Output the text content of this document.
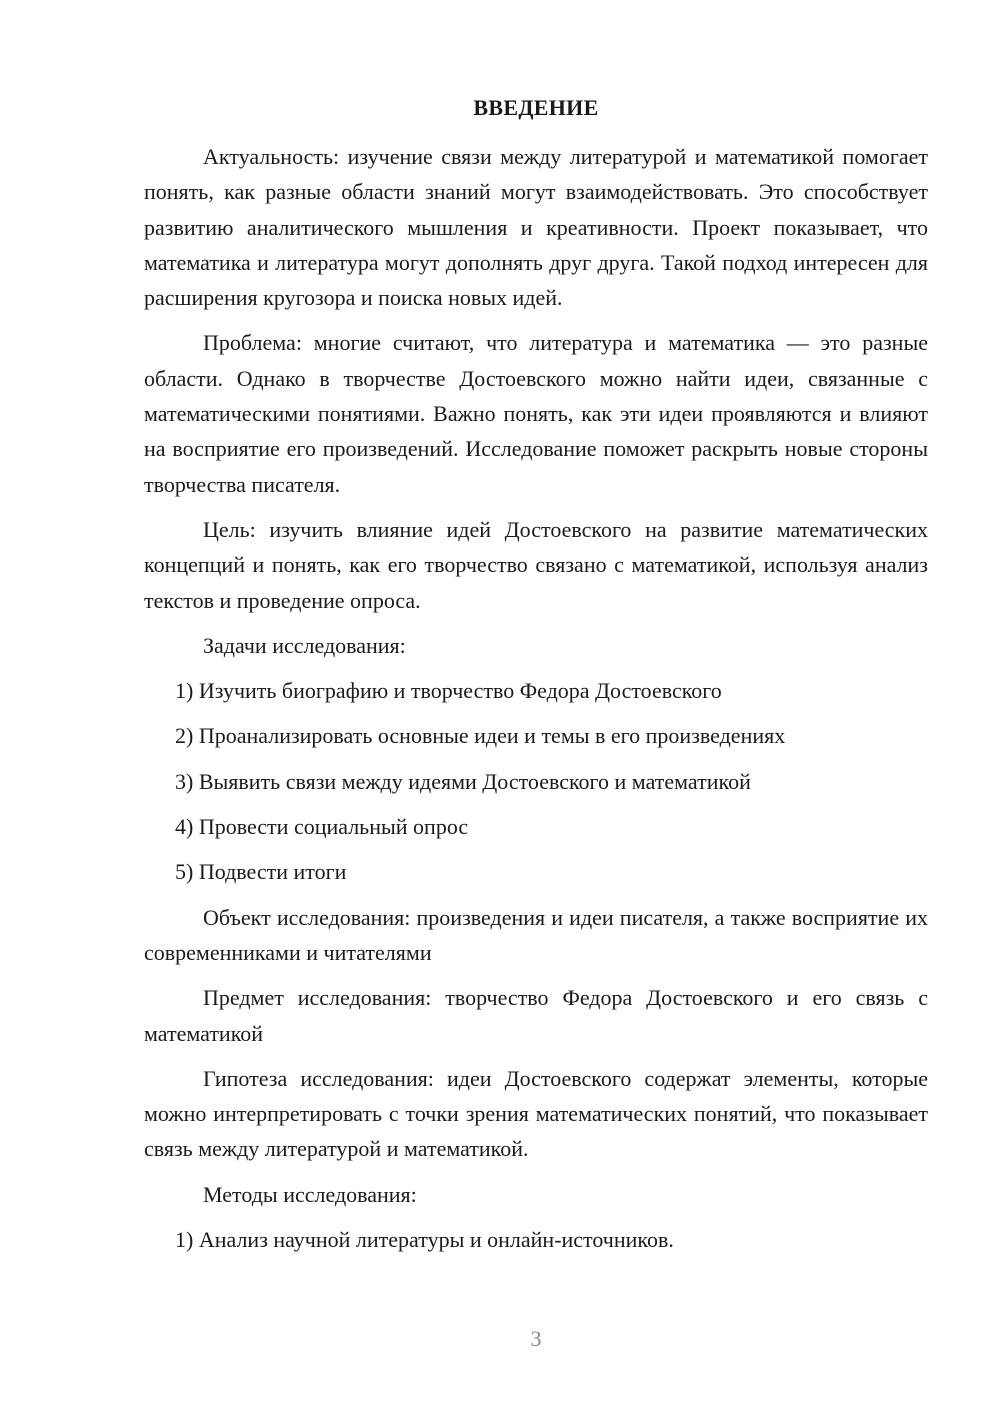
ВВЕДЕНИЕ

Актуальность: изучение связи между литературой и математикой помогает понять, как разные области знаний могут взаимодействовать. Это способствует развитию аналитического мышления и креативности. Проект показывает, что математика и литература могут дополнять друг друга. Такой подход интересен для расширения кругозора и поиска новых идей.

Проблема: многие считают, что литература и математика — это разные области. Однако в творчестве Достоевского можно найти идеи, связанные с математическими понятиями. Важно понять, как эти идеи проявляются и влияют на восприятие его произведений. Исследование поможет раскрыть новые стороны творчества писателя.

Цель: изучить влияние идей Достоевского на развитие математических концепций и понять, как его творчество связано с математикой, используя анализ текстов и проведение опроса.

Задачи исследования:

1) Изучить биографию и творчество Федора Достоевского
2) Проанализировать основные идеи и темы в его произведениях
3) Выявить связи между идеями Достоевского и математикой
4) Провести социальный опрос
5) Подвести итоги

Объект исследования: произведения и идеи писателя, а также восприятие их современниками и читателями

Предмет исследования: творчество Федора Достоевского и его связь с математикой

Гипотеза исследования: идеи Достоевского содержат элементы, которые можно интерпретировать с точки зрения математических понятий, что показывает связь между литературой и математикой.

Методы исследования:

1) Анализ научной литературы и онлайн-источников.
3
